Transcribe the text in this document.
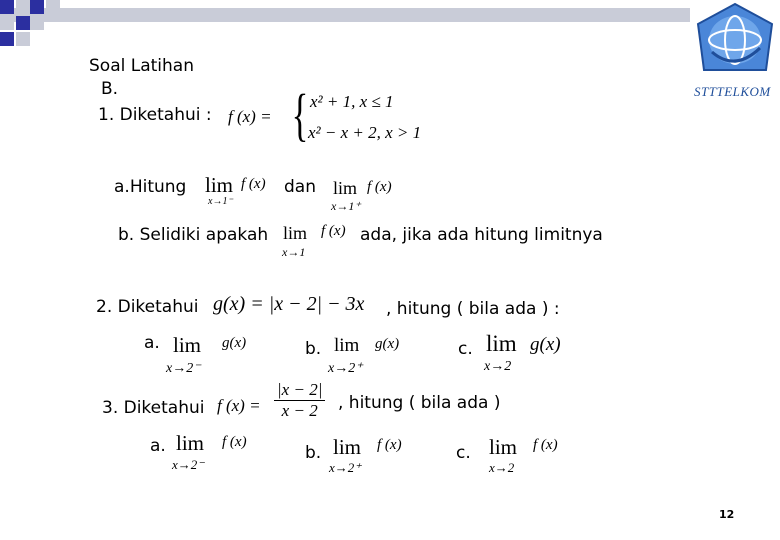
STTTELKOM
Soal Latihan
B.
1. Diketahui : f (x) = { x² + 1, x ≤ 1
x² − x + 2, x > 1
a.Hitung lim f (x)
x→1⁻
dan lim f (x)
x→1⁺
b. Selidiki apakah lim f (x)
x→1
ada, jika ada hitung limitnya
2. Diketahui g(x) = |x − 2| − 3x , hitung ( bila ada ) :
a. lim g(x)
x→2⁻
b. lim g(x)
x→2⁺
c. lim g(x)
x→2
3. Diketahui f $(x) = \frac{|x - 2|}{x - 2}$ , hitung ( bila ada )
a. lim f (x)
x→2⁻
b. lim f (x)
x→2⁺
c. lim f (x)
x→2
12
